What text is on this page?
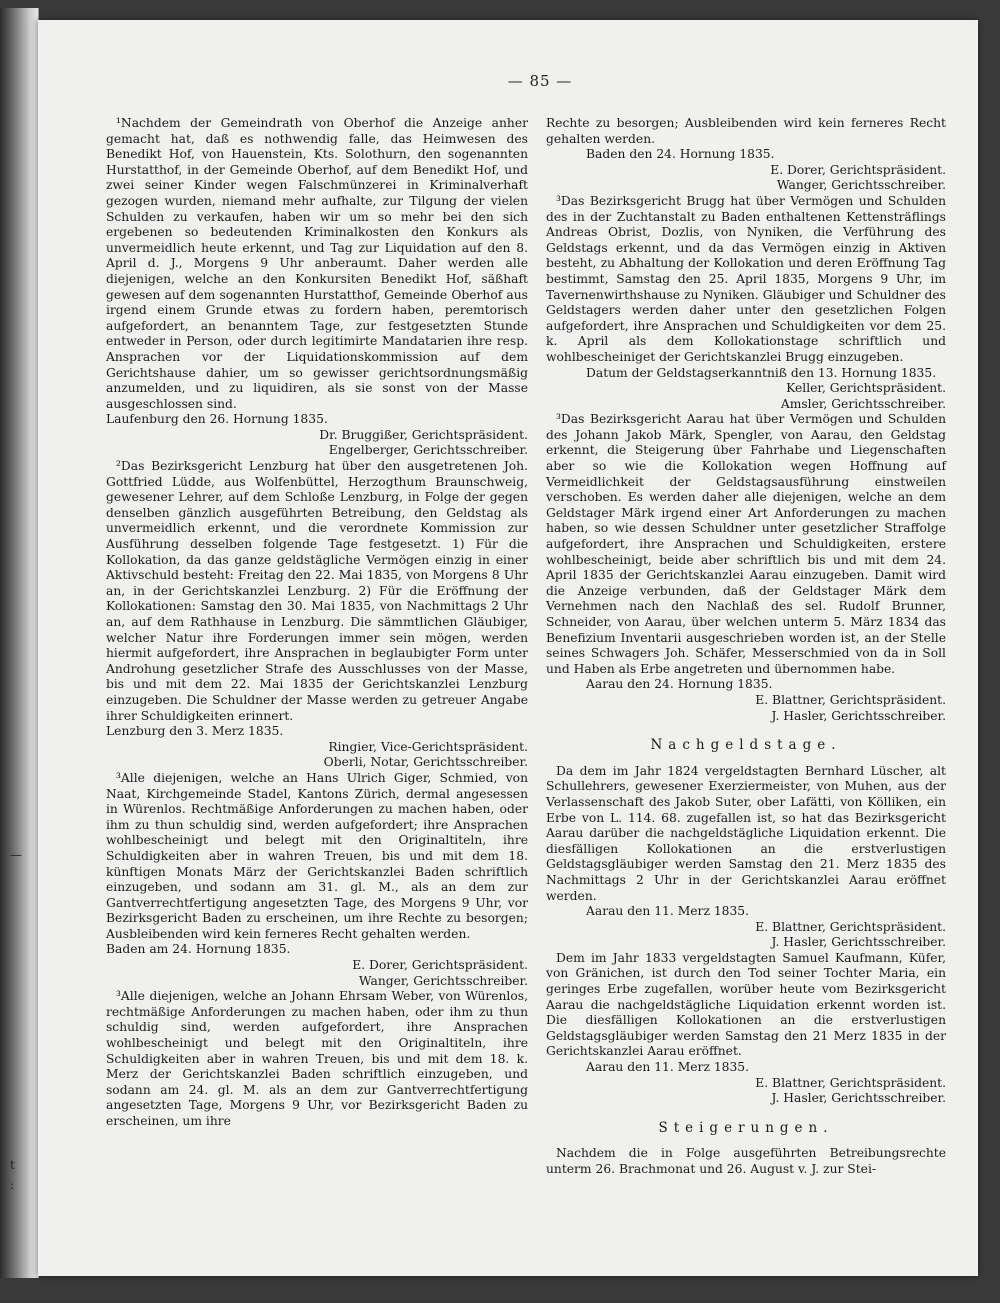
—
t
:
— 85 —

¹Nachdem der Gemeindrath von Oberhof die Anzeige anher gemacht hat, daß es nothwendig falle, das Heimwesen des Benedikt Hof, von Hauenstein, Kts. Solothurn, den sogenannten Hurstatthof, in der Gemeinde Oberhof, auf dem Benedikt Hof, und zwei seiner Kinder wegen Falschmünzerei in Kriminalverhaft gezogen wurden, niemand mehr aufhalte, zur Tilgung der vielen Schulden zu verkaufen, haben wir um so mehr bei den sich ergebenen so bedeutenden Kriminalkosten den Konkurs als unvermeidlich heute erkennt, und Tag zur Liquidation auf den 8. April d. J., Morgens 9 Uhr anberaumt. Daher werden alle diejenigen, welche an den Konkursiten Benedikt Hof, säßhaft gewesen auf dem sogenannten Hurstatthof, Gemeinde Oberhof aus irgend einem Grunde etwas zu fordern haben, peremtorisch aufgefordert, an benanntem Tage, zur festgesetzten Stunde entweder in Person, oder durch legitimirte Mandatarien ihre resp. Ansprachen vor der Liquidationskommission auf dem Gerichtshause dahier, um so gewisser gerichtsordnungsmäßig anzumelden, und zu liquidiren, als sie sonst von der Masse ausgeschlossen sind.

Laufenburg den 26. Hornung 1835.

Dr. Bruggißer, Gerichtspräsident.

Engelberger, Gerichtsschreiber.

²Das Bezirksgericht Lenzburg hat über den ausgetretenen Joh. Gottfried Lüdde, aus Wolfenbüttel, Herzogthum Braunschweig, gewesener Lehrer, auf dem Schloße Lenzburg, in Folge der gegen denselben gänzlich ausgeführten Betreibung, den Geldstag als unvermeidlich erkennt, und die verordnete Kommission zur Ausführung desselben folgende Tage festgesetzt. 1) Für die Kollokation, da das ganze geldstägliche Vermögen einzig in einer Aktivschuld besteht: Freitag den 22. Mai 1835, von Morgens 8 Uhr an, in der Gerichtskanzlei Lenzburg. 2) Für die Eröffnung der Kollokationen: Samstag den 30. Mai 1835, von Nachmittags 2 Uhr an, auf dem Rathhause in Lenzburg. Die sämmtlichen Gläubiger, welcher Natur ihre Forderungen immer sein mögen, werden hiermit aufgefordert, ihre Ansprachen in beglaubigter Form unter Androhung gesetzlicher Strafe des Ausschlusses von der Masse, bis und mit dem 22. Mai 1835 der Gerichtskanzlei Lenzburg einzugeben. Die Schuldner der Masse werden zu getreuer Angabe ihrer Schuldigkeiten erinnert.

Lenzburg den 3. Merz 1835.

Ringier, Vice-Gerichtspräsident.

Oberli, Notar, Gerichtsschreiber.

³Alle diejenigen, welche an Hans Ulrich Giger, Schmied, von Naat, Kirchgemeinde Stadel, Kantons Zürich, dermal angesessen in Würenlos. Rechtmäßige Anforderungen zu machen haben, oder ihm zu thun schuldig sind, werden aufgefordert; ihre Ansprachen wohlbescheinigt und belegt mit den Originaltiteln, ihre Schuldigkeiten aber in wahren Treuen, bis und mit dem 18. künftigen Monats März der Gerichtskanzlei Baden schriftlich einzugeben, und sodann am 31. gl. M., als an dem zur Gantverrechtfertigung angesetzten Tage, des Morgens 9 Uhr, vor Bezirksgericht Baden zu erscheinen, um ihre Rechte zu besorgen; Ausbleibenden wird kein ferneres Recht gehalten werden.

Baden am 24. Hornung 1835.

E. Dorer, Gerichtspräsident.

Wanger, Gerichtsschreiber.

³Alle diejenigen, welche an Johann Ehrsam Weber, von Würenlos, rechtmäßige Anforderungen zu machen haben, oder ihm zu thun schuldig sind, werden aufgefordert, ihre Ansprachen wohlbescheinigt und belegt mit den Originaltiteln, ihre Schuldigkeiten aber in wahren Treuen, bis und mit dem 18. k. Merz der Gerichtskanzlei Baden schriftlich einzugeben, und sodann am 24. gl. M. als an dem zur Gantverrechtfertigung angesetzten Tage, Morgens 9 Uhr, vor Bezirksgericht Baden zu erscheinen, um ihre

Rechte zu besorgen; Ausbleibenden wird kein ferneres Recht gehalten werden.

Baden den 24. Hornung 1835.

E. Dorer, Gerichtspräsident.

Wanger, Gerichtsschreiber.

³Das Bezirksgericht Brugg hat über Vermögen und Schulden des in der Zuchtanstalt zu Baden enthaltenen Kettensträflings Andreas Obrist, Dozlis, von Nyniken, die Verführung des Geldstags erkennt, und da das Vermögen einzig in Aktiven besteht, zu Abhaltung der Kollokation und deren Eröffnung Tag bestimmt, Samstag den 25. April 1835, Morgens 9 Uhr, im Tavernenwirthshause zu Nyniken. Gläubiger und Schuldner des Geldstagers werden daher unter den gesetzlichen Folgen aufgefordert, ihre Ansprachen und Schuldigkeiten vor dem 25. k. April als dem Kollokationstage schriftlich und wohlbescheiniget der Gerichtskanzlei Brugg einzugeben.

Datum der Geldstagserkanntniß den 13. Hornung 1835.

Keller, Gerichtspräsident.

Amsler, Gerichtsschreiber.

³Das Bezirksgericht Aarau hat über Vermögen und Schulden des Johann Jakob Märk, Spengler, von Aarau, den Geldstag erkennt, die Steigerung über Fahrhabe und Liegenschaften aber so wie die Kollokation wegen Hoffnung auf Vermeidlichkeit der Geldstagsausführung einstweilen verschoben. Es werden daher alle diejenigen, welche an dem Geldstager Märk irgend einer Art Anforderungen zu machen haben, so wie dessen Schuldner unter gesetzlicher Straffolge aufgefordert, ihre Ansprachen und Schuldigkeiten, erstere wohlbescheinigt, beide aber schriftlich bis und mit dem 24. April 1835 der Gerichtskanzlei Aarau einzugeben. Damit wird die Anzeige verbunden, daß der Geldstager Märk dem Vernehmen nach den Nachlaß des sel. Rudolf Brunner, Schneider, von Aarau, über welchen unterm 5. März 1834 das Benefizium Inventarii ausgeschrieben worden ist, an der Stelle seines Schwagers Joh. Schäfer, Messerschmied von da in Soll und Haben als Erbe angetreten und übernommen habe.

Aarau den 24. Hornung 1835.

E. Blattner, Gerichtspräsident.

J. Hasler, Gerichtsschreiber.

Nachgeldstage.

Da dem im Jahr 1824 vergeldstagten Bernhard Lüscher, alt Schullehrers, gewesener Exerziermeister, von Muhen, aus der Verlassenschaft des Jakob Suter, ober Lafätti, von Kölliken, ein Erbe von L. 114. 68. zugefallen ist, so hat das Bezirksgericht Aarau darüber die nachgeldstägliche Liquidation erkennt. Die diesfälligen Kollokationen an die erstverlustigen Geldstagsgläubiger werden Samstag den 21. Merz 1835 des Nachmittags 2 Uhr in der Gerichtskanzlei Aarau eröffnet werden.

Aarau den 11. Merz 1835.

E. Blattner, Gerichtspräsident.

J. Hasler, Gerichtsschreiber.

Dem im Jahr 1833 vergeldstagten Samuel Kaufmann, Küfer, von Gränichen, ist durch den Tod seiner Tochter Maria, ein geringes Erbe zugefallen, worüber heute vom Bezirksgericht Aarau die nachgeldstägliche Liquidation erkennt worden ist. Die diesfälligen Kollokationen an die erstverlustigen Geldstagsgläubiger werden Samstag den 21 Merz 1835 in der Gerichtskanzlei Aarau eröffnet.

Aarau den 11. Merz 1835.

E. Blattner, Gerichtspräsident.

J. Hasler, Gerichtsschreiber.

Steigerungen.

Nachdem die in Folge ausgeführten Betreibungsrechte unterm 26. Brachmonat und 26. August v. J. zur Stei-
